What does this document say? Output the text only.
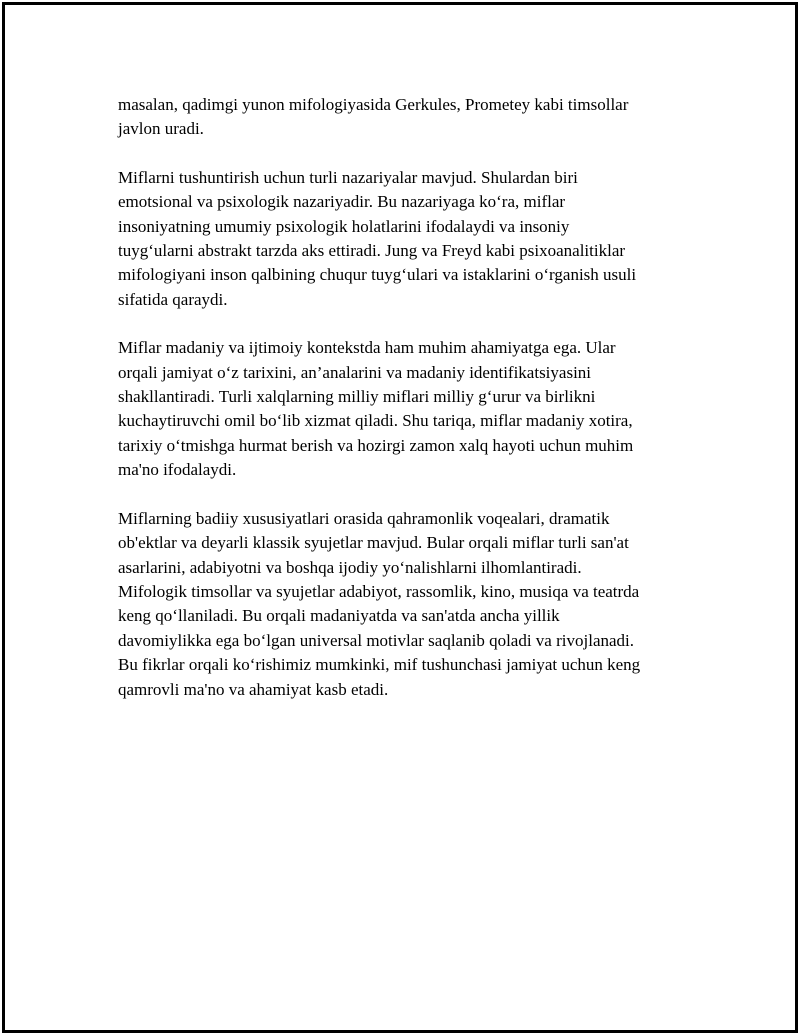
masalan, qadimgi yunon mifologiyasida Gerkules, Prometey kabi timsollar
javlon uradi.

Miflarni tushuntirish uchun turli nazariyalar mavjud. Shulardan biri
emotsional va psixologik nazariyadir. Bu nazariyaga koʻra, miflar
insoniyatning umumiy psixologik holatlarini ifodalaydi va insoniy
tuygʻularni abstrakt tarzda aks ettiradi. Jung va Freyd kabi psixoanalitiklar
mifologiyani inson qalbining chuqur tuygʻulari va istaklarini oʻrganish usuli
sifatida qaraydi.

Miflar madaniy va ijtimoiy kontekstda ham muhim ahamiyatga ega. Ular
orqali jamiyat oʻz tarixini, an’analarini va madaniy identifikatsiyasini
shakllantiradi. Turli xalqlarning milliy miflari milliy gʻurur va birlikni
kuchaytiruvchi omil boʻlib xizmat qiladi. Shu tariqa, miflar madaniy xotira,
tarixiy oʻtmishga hurmat berish va hozirgi zamon xalq hayoti uchun muhim
ma'no ifodalaydi.

Miflarning badiiy xususiyatlari orasida qahramonlik voqealari, dramatik
ob'ektlar va deyarli klassik syujetlar mavjud. Bular orqali miflar turli san'at
asarlarini, adabiyotni va boshqa ijodiy yoʻnalishlarni ilhomlantiradi.
Mifologik timsollar va syujetlar adabiyot, rassomlik, kino, musiqa va teatrda
keng qoʻllaniladi. Bu orqali madaniyatda va san'atda ancha yillik
davomiylikka ega boʻlgan universal motivlar saqlanib qoladi va rivojlanadi.
Bu fikrlar orqali koʻrishimiz mumkinki, mif tushunchasi jamiyat uchun keng
qamrovli ma'no va ahamiyat kasb etadi.
